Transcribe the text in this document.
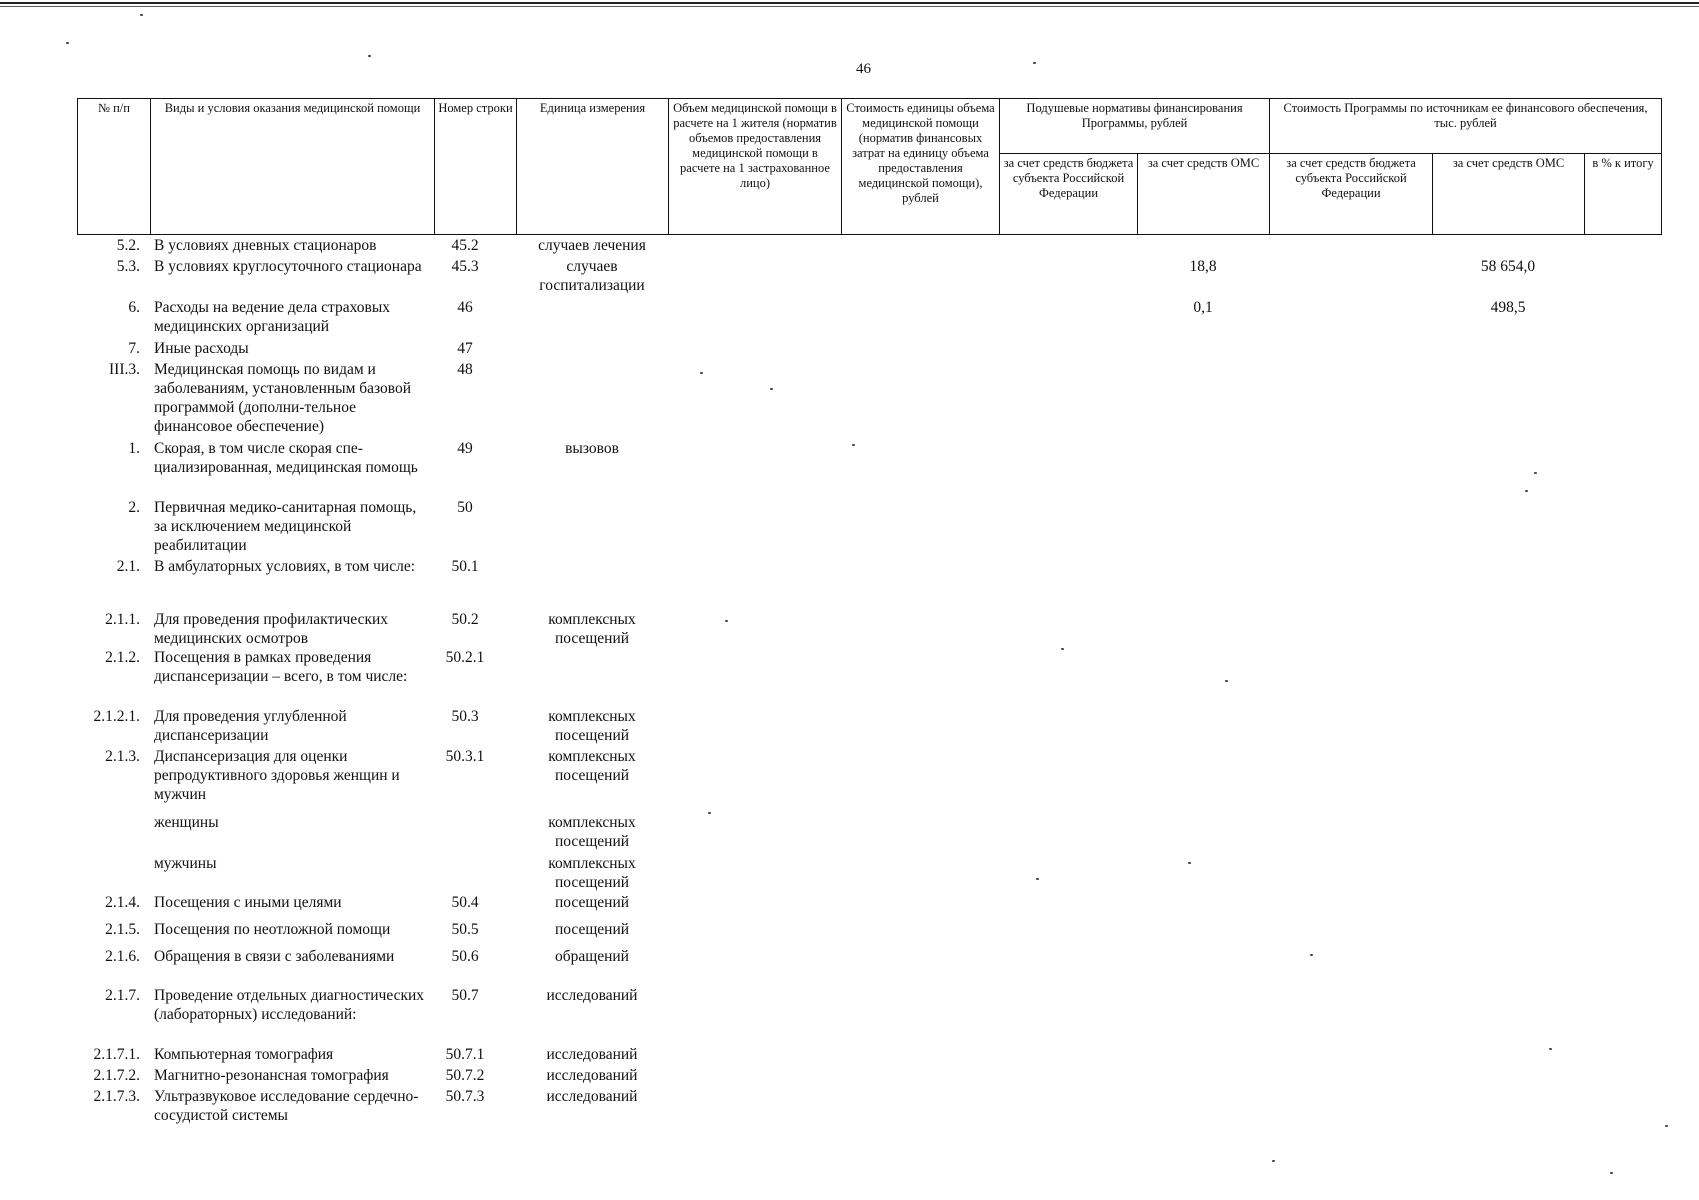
46
№ п/п	Виды и условия оказания медицинской помощи	Номер строки	Единица измерения	Объем медицинской помощи в расчете на 1 жителя (норматив объемов предоставления медицинской помощи в расчете на 1 застрахованное лицо)	Стоимость единицы объема медицинской помощи (норматив финансовых затрат на единицу объема предоставления медицинской помощи), рублей	Подушевые нормативы финансирования Программы, рублей		Стоимость Программы по источникам ее финансового обеспечения, тыс. рублей		
						за счет средств бюджета субъекта Российской Федерации	за счет средств ОМС	за счет средств бюджета субъекта Российской Федерации	за счет средств ОМС	в % к итогу
5.2.	В условиях дневных стационаров	45.2	случаев лечения							
5.3.	В условиях круглосуточного стационара	45.3	случаев госпитализации				18,8		58 654,0	
6.	Расходы на ведение дела страховых медицинских организаций	46					0,1		498,5	
7.	Иные расходы	47								
III.3.	Медицинская помощь по видам и заболеваниям, установленным базовой программой (дополни-тельное финансовое обеспечение)	48								
1.	Скорая, в том числе скорая спе-циализированная, медицинская помощь	49	вызовов							
2.	Первичная медико-санитарная помощь, за исключением медицинской реабилитации	50								
2.1.	В амбулаторных условиях, в том числе:	50.1								
2.1.1.	Для проведения профилактических медицинских осмотров	50.2	комплексных посещений							
2.1.2.	Посещения в рамках проведения диспансеризации – всего, в том числе:	50.2.1								
2.1.2.1.	Для проведения углубленной диспансеризации	50.3	комплексных посещений							
2.1.3.	Диспансеризация для оценки репродуктивного здоровья женщин и мужчин	50.3.1	комплексных посещений							
	женщины		комплексных посещений							
	мужчины		комплексных посещений							
2.1.4.	Посещения с иными целями	50.4	посещений							
2.1.5.	Посещения по неотложной помощи	50.5	посещений							
2.1.6.	Обращения в связи с заболеваниями	50.6	обращений							
2.1.7.	Проведение отдельных диагностических (лабораторных) исследований:	50.7	исследований							
2.1.7.1.	Компьютерная томография	50.7.1	исследований							
2.1.7.2.	Магнитно-резонансная томография	50.7.2	исследований							
2.1.7.3.	Ультразвуковое исследование сердечно-сосудистой системы	50.7.3	исследований							
